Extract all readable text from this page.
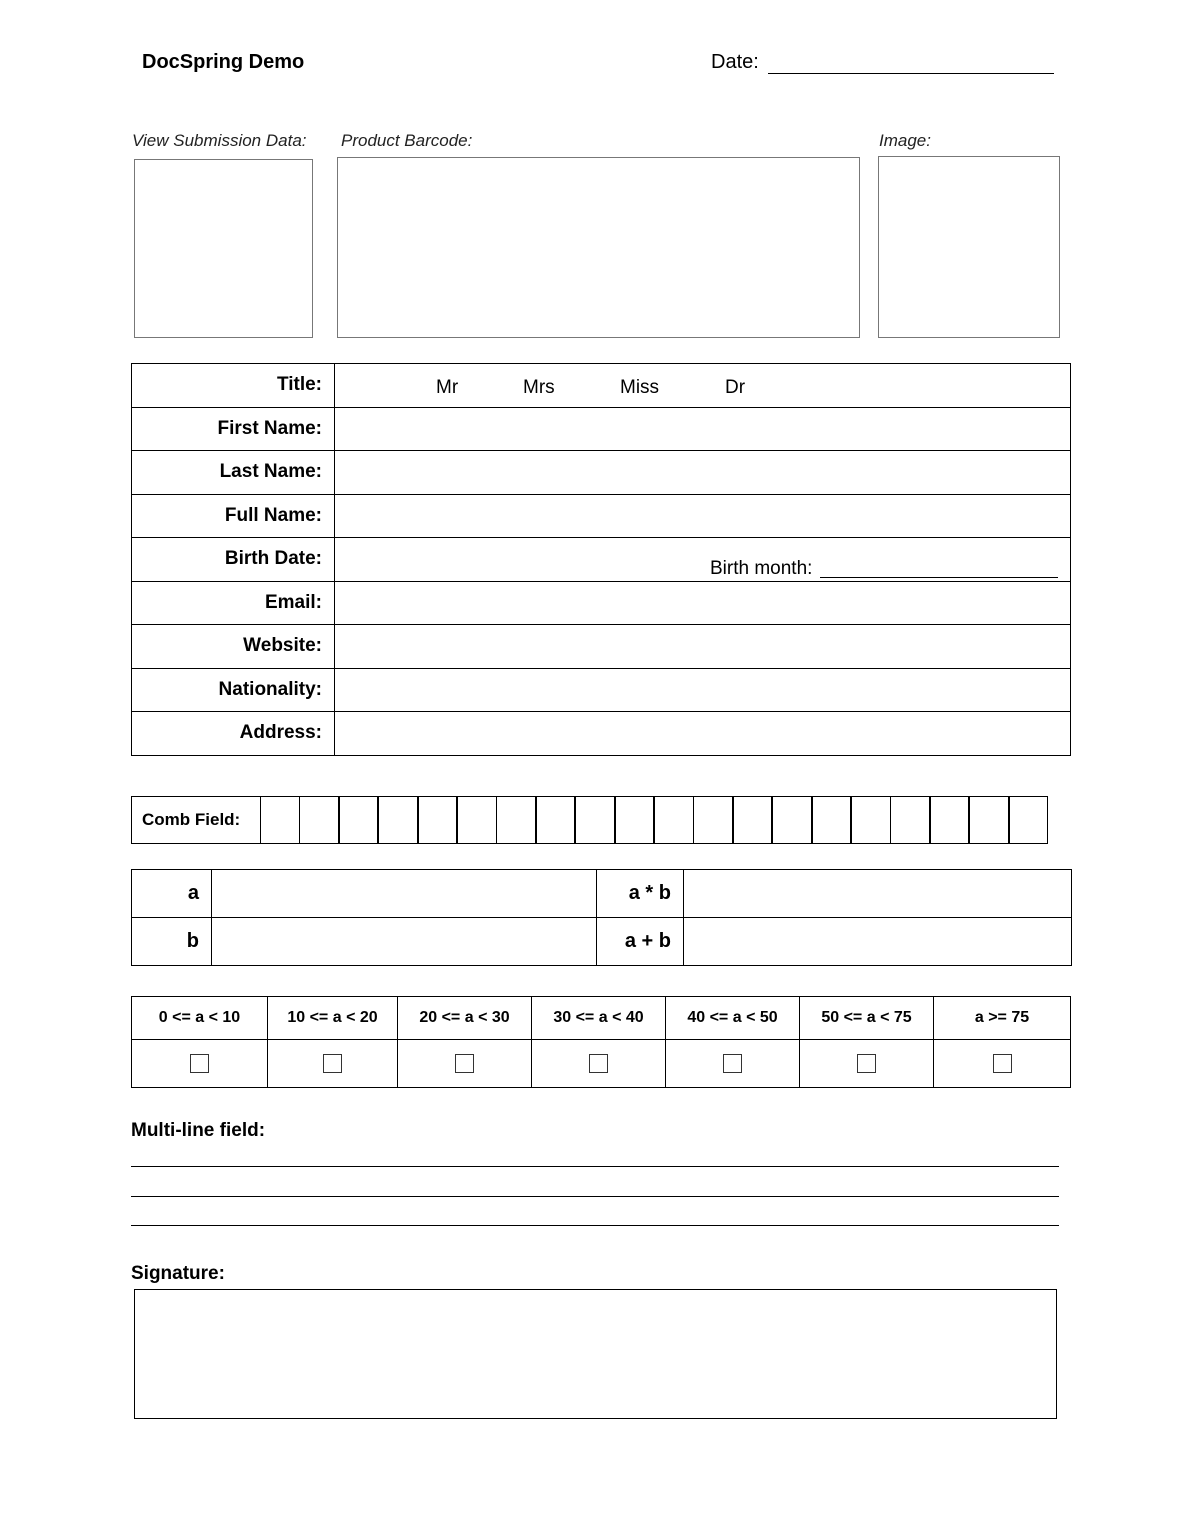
DocSpring Demo	Date:
View Submission Data: Product Barcode:	Image:
Title:	Mr Mrs Miss Dr

First Name:	
Last Name:	
Full Name:	
Birth Date:	
Email:	
Website:	
Nationality:	
Address:	
Birth month:
Comb Field:
a		a * b	
b		a + b	
0 <= a < 10	10 <= a < 20	20 <= a < 30	30 <= a < 40	40 <= a < 50	50 <= a < 75	a >= 75

Multi-line field:
Signature:
